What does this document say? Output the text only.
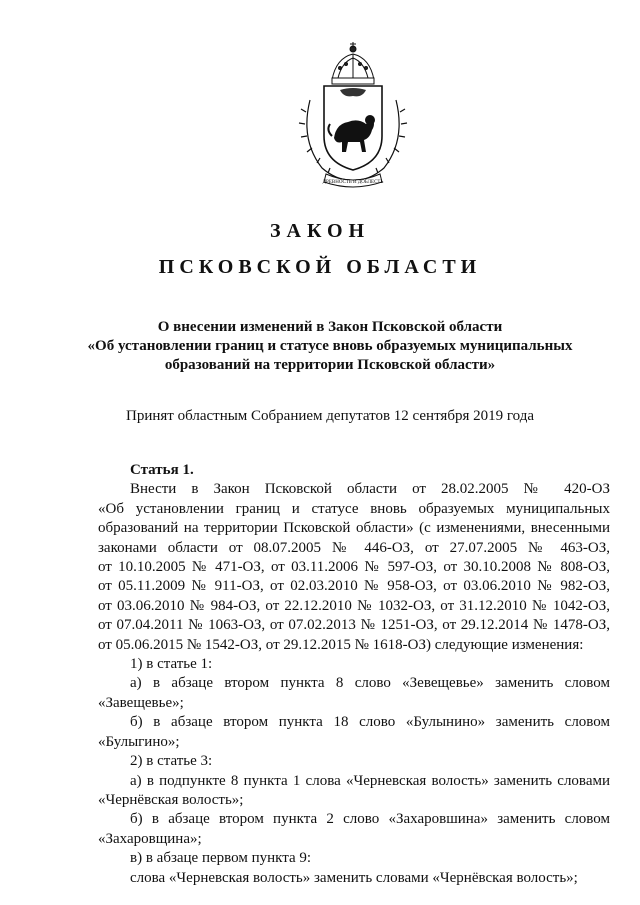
ДРЕВНОСТЬ И ДОБЛЕСТЬ
ЗАКОН
ПСКОВСКОЙ ОБЛАСТИ
О внесении изменений в Закон Псковской области
«Об установлении границ и статусе вновь образуемых муниципальных
образований на территории Псковской области»
Принят областным Собранием депутатов 12 сентября 2019 года

Статья 1.

Внести в Закон Псковской области от 28.02.2005 № 420-ОЗ

«Об установлении границ и статусе вновь образуемых муниципальных

образований на территории Псковской области» (с изменениями, внесенными

законами области от 08.07.2005 № 446-ОЗ, от 27.07.2005 № 463-ОЗ,

от 10.10.2005 № 471-ОЗ, от 03.11.2006 № 597-ОЗ, от 30.10.2008 № 808-ОЗ,

от 05.11.2009 № 911-ОЗ, от 02.03.2010 № 958-ОЗ, от 03.06.2010 № 982-ОЗ,

от 03.06.2010 № 984-ОЗ, от 22.12.2010 № 1032-ОЗ, от 31.12.2010 № 1042-ОЗ,

от 07.04.2011 № 1063-ОЗ, от 07.02.2013 № 1251-ОЗ, от 29.12.2014 № 1478-ОЗ,

от 05.06.2015 № 1542-ОЗ, от 29.12.2015 № 1618-ОЗ) следующие изменения:

1) в статье 1:

а) в абзаце втором пункта 8 слово «Зевещевье» заменить словом

«Завещевье»;

б) в абзаце втором пункта 18 слово «Булынино» заменить словом

«Булыгино»;

2) в статье 3:

а) в подпункте 8 пункта 1 слова «Черневская волость» заменить словами

«Чернёвская волость»;

б) в абзаце втором пункта 2 слово «Захаровшина» заменить словом

«Захаровщина»;

в) в абзаце первом пункта 9:

слова «Черневская волость» заменить словами «Чернёвская волость»;
